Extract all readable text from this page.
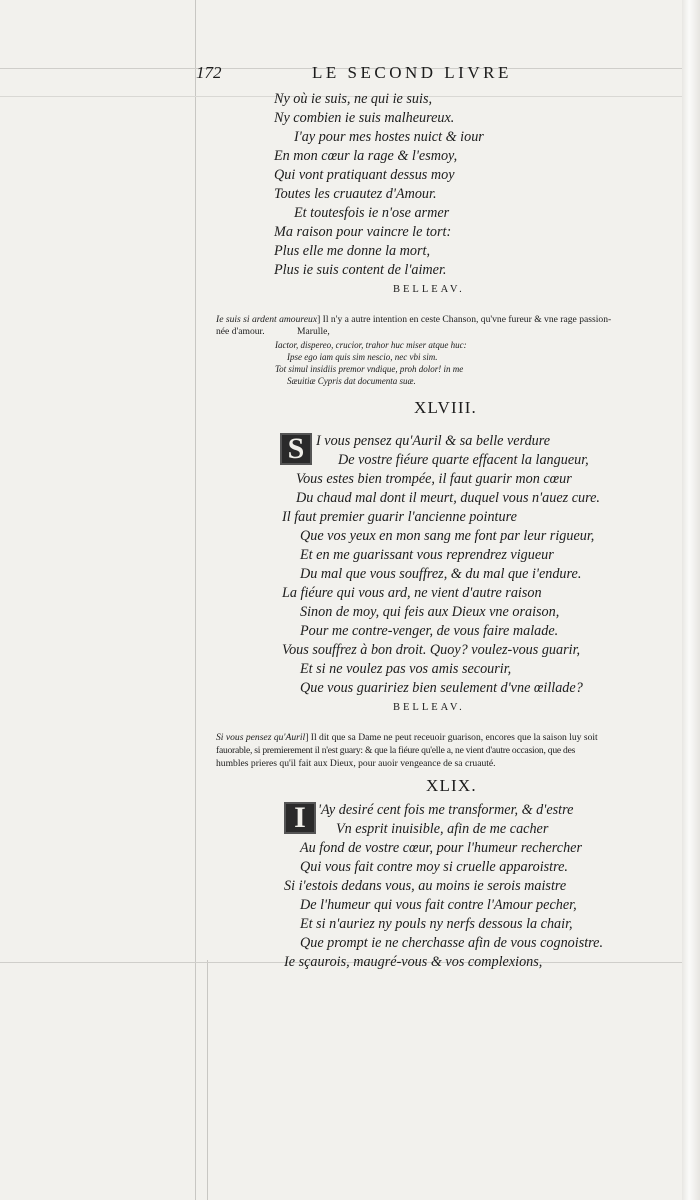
172	LE SECOND LIVRE
Ny où ie suis, ne qui ie suis,
Ny combien ie suis malheureux.
I'ay pour mes hostes nuict & iour
En mon cœur la rage & l'esmoy,
Qui vont pratiquant dessus moy
Toutes les cruautez d'Amour.
Et toutesfois ie n'ose armer
Ma raison pour vaincre le tort:
Plus elle me donne la mort,
Plus ie suis content de l'aimer.
BELLEAV.
Ie suis si ardent amoureux] Il n'y a autre intention en ceste Chanson, qu'vne fureur & vne rage passion-
née d'amour.	Marulle,
Iactor, dispereo, crucior, trahor huc miser atque huc:
Ipse ego iam quis sim nescio, nec vbi sim.
Tot simul insidiis premor vndique, proh dolor! in me
Sæuitiæ Cypris dat documenta suæ.
XLVIII.
S I vous pensez qu'Auril & sa belle verdure
De vostre fiéure quarte effacent la langueur,
Vous estes bien trompée, il faut guarir mon cœur
Du chaud mal dont il meurt, duquel vous n'auez cure.
Il faut premier guarir l'ancienne pointure
Que vos yeux en mon sang me font par leur rigueur,
Et en me guarissant vous reprendrez vigueur
Du mal que vous souffrez, & du mal que i'endure.
La fiéure qui vous ard, ne vient d'autre raison
Sinon de moy, qui feis aux Dieux vne oraison,
Pour me contre-venger, de vous faire malade.
Vous souffrez à bon droit. Quoy? voulez-vous guarir,
Et si ne voulez pas vos amis secourir,
Que vous guaririez bien seulement d'vne œillade?
BELLEAV.
Si vous pensez qu'Auril] Il dit que sa Dame ne peut receuoir guarison, encores que la saison luy soit
fauorable, si premierement il n'est guary: & que la fiéure qu'elle a, ne vient d'autre occasion, que des
humbles prieres qu'il fait aux Dieux, pour auoir vengeance de sa cruauté.
XLIX.
I 'Ay desiré cent fois me transformer, & d'estre
Vn esprit inuisible, afin de me cacher
Au fond de vostre cœur, pour l'humeur rechercher
Qui vous fait contre moy si cruelle apparoistre.
Si i'estois dedans vous, au moins ie serois maistre
De l'humeur qui vous fait contre l'Amour pecher,
Et si n'auriez ny pouls ny nerfs dessous la chair,
Que prompt ie ne cherchasse afin de vous cognoistre.
Ie sçaurois, maugré-vous & vos complexions,
